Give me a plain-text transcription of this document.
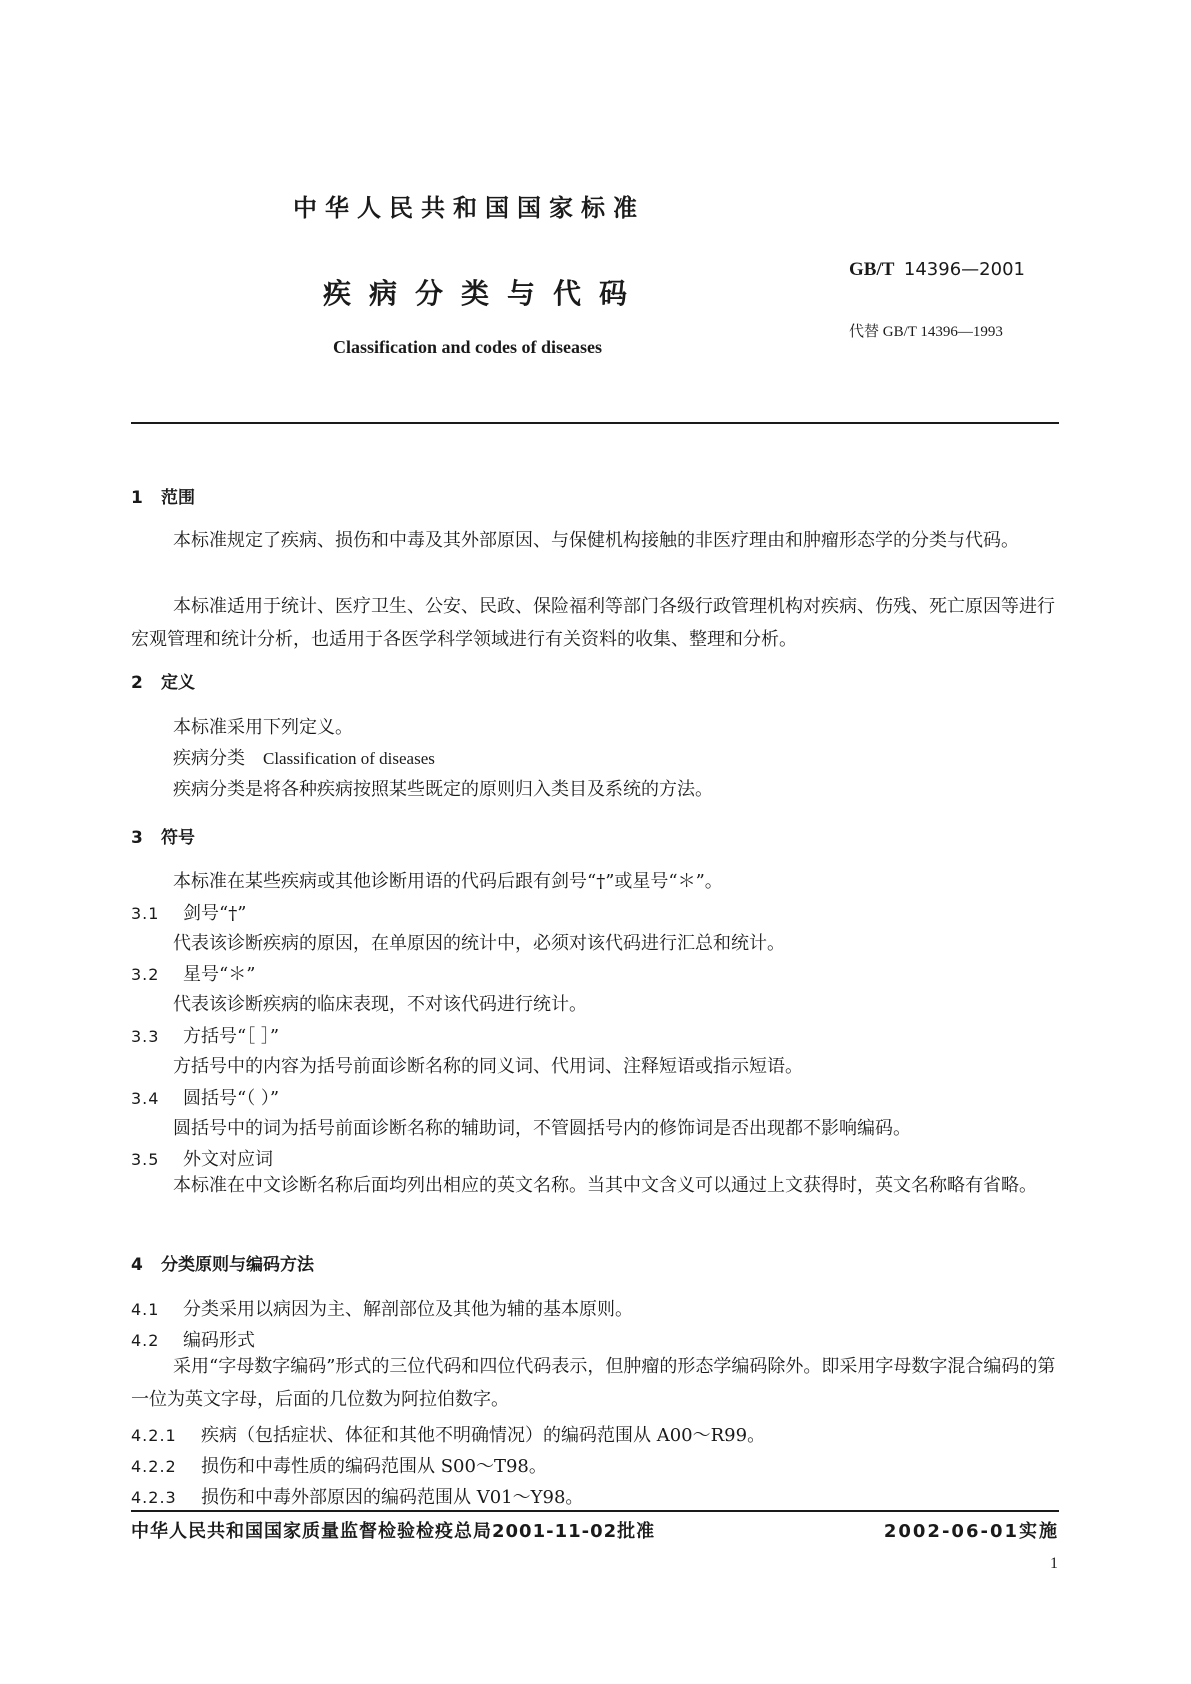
中华人民共和国国家标准
疾病分类与代码
Classification and codes of diseases
GB/T 14396—2001
代替 GB/T 14396—1993
1 范围
本标准规定了疾病、损伤和中毒及其外部原因、与保健机构接触的非医疗理由和肿瘤形态学的分类与代码。
本标准适用于统计、医疗卫生、公安、民政、保险福利等部门各级行政管理机构对疾病、伤残、死亡原因等进行宏观管理和统计分析，也适用于各医学科学领域进行有关资料的收集、整理和分析。
2 定义
本标准采用下列定义。
疾病分类 Classification of diseases
疾病分类是将各种疾病按照某些既定的原则归入类目及系统的方法。
3 符号
本标准在某些疾病或其他诊断用语的代码后跟有剑号“†”或星号“＊”。
3.1 剑号“†”
代表该诊断疾病的原因，在单原因的统计中，必须对该代码进行汇总和统计。
3.2 星号“＊”
代表该诊断疾病的临床表现，不对该代码进行统计。
3.3 方括号“［ ］”
方括号中的内容为括号前面诊断名称的同义词、代用词、注释短语或指示短语。
3.4 圆括号“（ ）”
圆括号中的词为括号前面诊断名称的辅助词，不管圆括号内的修饰词是否出现都不影响编码。
3.5 外文对应词
本标准在中文诊断名称后面均列出相应的英文名称。当其中文含义可以通过上文获得时，英文名称略有省略。
4 分类原则与编码方法
4.1 分类采用以病因为主、解剖部位及其他为辅的基本原则。
4.2 编码形式
采用“字母数字编码”形式的三位代码和四位代码表示，但肿瘤的形态学编码除外。即采用字母数字混合编码的第一位为英文字母，后面的几位数为阿拉伯数字。
4.2.1 疾病（包括症状、体征和其他不明确情况）的编码范围从 A00～R99。
4.2.2 损伤和中毒性质的编码范围从 S00～T98。
4.2.3 损伤和中毒外部原因的编码范围从 V01～Y98。
中华人民共和国国家质量监督检验检疫总局2001-11-02批准	2002-06-01实施
1
